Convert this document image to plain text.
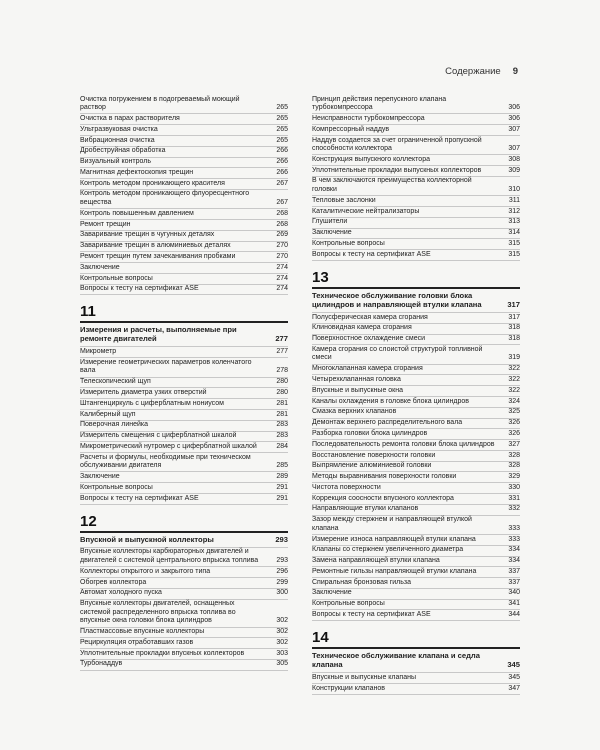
Содержание 9
Очистка погружением в подогреваемый моющий раствор	265
Очистка в парах растворителя	265
Ультразвуковая очистка	265
Вибрационная очистка	265
Дробеструйная обработка	266
Визуальный контроль	266
Магнитная дефектоскопия трещин	266
Контроль методом проникающего красителя	267
Контроль методом проникающего флуоресцентного вещества	267
Контроль повышенным давлением	268
Ремонт трещин	268
Заваривание трещин в чугунных деталях	269
Заваривание трещин в алюминиевых деталях	270
Ремонт трещин путем зачеканивания пробками	270
Заключение	274
Контрольные вопросы	274
Вопросы к тесту на сертификат ASE	274
11
Измерения и расчеты, выполняемые при ремонте двигателей	277
Микрометр	277
Измерение геометрических параметров коленчатого вала	278
Телескопический щуп	280
Измеритель диаметра узких отверстий	280
Штангенциркуль с циферблатным нониусом	281
Калиберный щуп	281
Поверочная линейка	283
Измеритель смещения с циферблатной шкалой	283
Микрометрический нутромер с циферблатной шкалой	284
Расчеты и формулы, необходимые при техническом обслуживании двигателя	285
Заключение	289
Контрольные вопросы	291
Вопросы к тесту на сертификат ASE	291
12
Впускной и выпускной коллекторы	293
Впускные коллекторы карбюраторных двигателей и двигателей с системой центрального впрыска топлива	293
Коллекторы открытого и закрытого типа	296
Обогрев коллектора	299
Автомат холодного пуска	300
Впускные коллекторы двигателей, оснащенных системой распределенного впрыска топлива во впускные окна головки блока цилиндров	302
Пластмассовые впускные коллекторы	302
Рециркуляция отработавших газов	302
Уплотнительные прокладки впускных коллекторов	303
Турбонаддув	305
Принцип действия перепускного клапана турбокомпрессора	306
Неисправности турбокомпрессора	306
Компрессорный наддув	307
Наддув создается за счет ограниченной пропускной способности коллектора	307
Конструкция выпускного коллектора	308
Уплотнительные прокладки выпускных коллекторов	309
В чем заключаются преимущества коллекторной головки	310
Тепловые заслонки	311
Каталитические нейтрализаторы	312
Глушители	313
Заключение	314
Контрольные вопросы	315
Вопросы к тесту на сертификат ASE	315
13
Техническое обслуживание головки блока цилиндров и направляющей втулки клапана	317
Полусферическая камера сгорания	317
Клиновидная камера сгорания	318
Поверхностное охлаждение смеси	318
Камера сгорания со слоистой структурой топливной смеси	319
Многоклапанная камера сгорания	322
Четырехклапанная головка	322
Впускные и выпускные окна	322
Каналы охлаждения в головке блока цилиндров	324
Смазка верхних клапанов	325
Демонтаж верхнего распределительного вала	326
Разборка головки блока цилиндров	326
Последовательность ремонта головки блока цилиндров	327
Восстановление поверхности головки	328
Выпрямление алюминиевой головки	328
Методы выравнивания поверхности головки	329
Чистота поверхности	330
Коррекция соосности впускного коллектора	331
Направляющие втулки клапанов	332
Зазор между стержнем и направляющей втулкой клапана	333
Измерение износа направляющей втулки клапана	333
Клапаны со стержнем увеличенного диаметра	334
Замена направляющей втулки клапана	334
Ремонтные гильзы направляющей втулки клапана	337
Спиральная бронзовая гильза	337
Заключение	340
Контрольные вопросы	341
Вопросы к тесту на сертификат ASE	344
14
Техническое обслуживание клапана и седла клапана	345
Впускные и выпускные клапаны	345
Конструкции клапанов	347
